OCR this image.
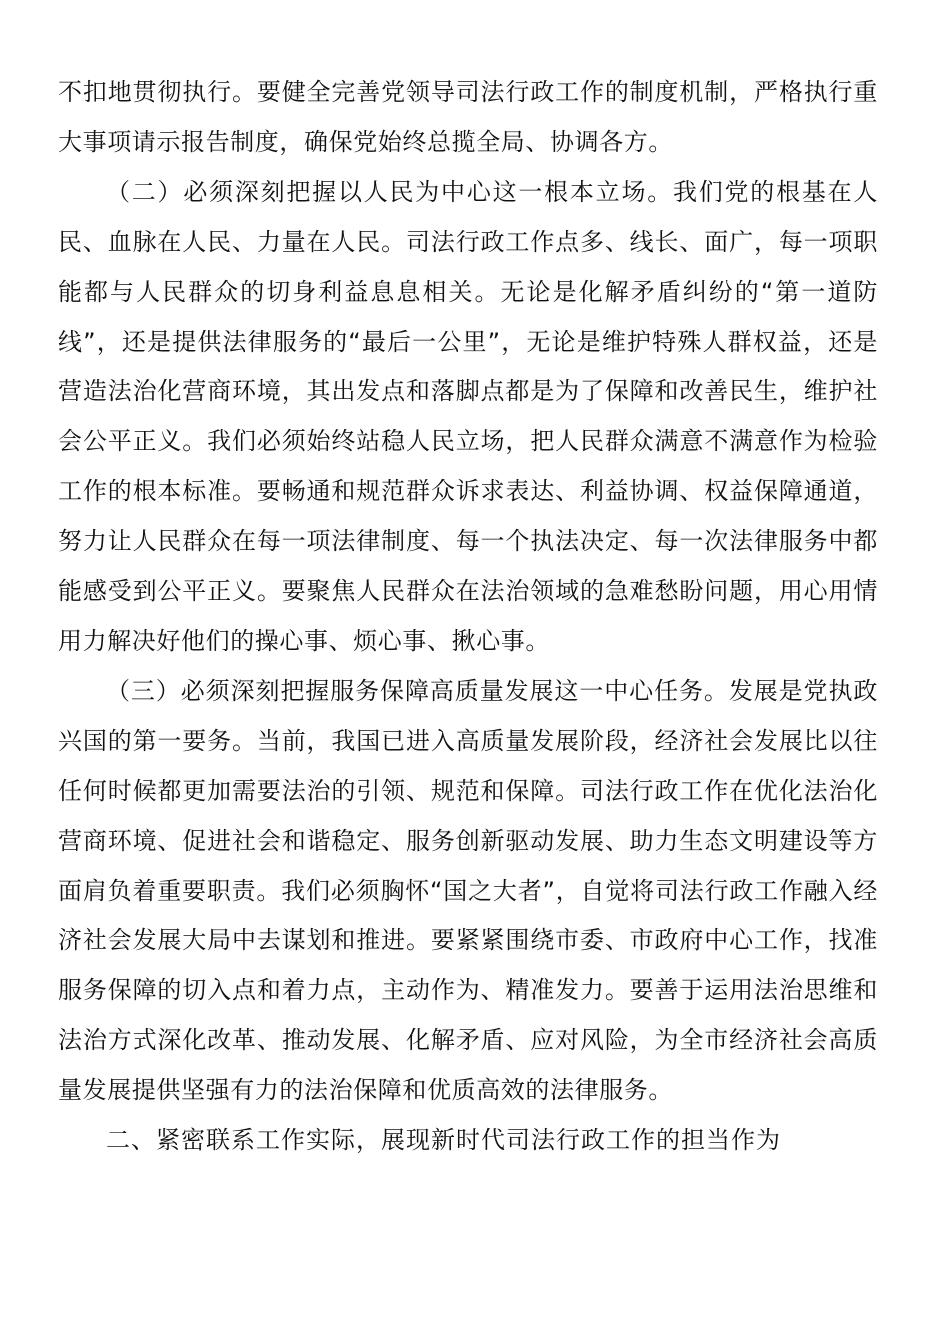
不扣地贯彻执行。要健全完善党领导司法行政工作的制度机制，严格执行重大事项请示报告制度，确保党始终总揽全局、协调各方。

（二）必须深刻把握以人民为中心这一根本立场。我们党的根基在人民、血脉在人民、力量在人民。司法行政工作点多、线长、面广，每一项职能都与人民群众的切身利益息息相关。无论是化解矛盾纠纷的“第一道防线”，还是提供法律服务的“最后一公里”，无论是维护特殊人群权益，还是营造法治化营商环境，其出发点和落脚点都是为了保障和改善民生，维护社会公平正义。我们必须始终站稳人民立场，把人民群众满意不满意作为检验工作的根本标准。要畅通和规范群众诉求表达、利益协调、权益保障通道，努力让人民群众在每一项法律制度、每一个执法决定、每一次法律服务中都能感受到公平正义。要聚焦人民群众在法治领域的急难愁盼问题，用心用情用力解决好他们的操心事、烦心事、揪心事。

（三）必须深刻把握服务保障高质量发展这一中心任务。发展是党执政兴国的第一要务。当前，我国已进入高质量发展阶段，经济社会发展比以往任何时候都更加需要法治的引领、规范和保障。司法行政工作在优化法治化营商环境、促进社会和谐稳定、服务创新驱动发展、助力生态文明建设等方面肩负着重要职责。我们必须胸怀“国之大者”，自觉将司法行政工作融入经济社会发展大局中去谋划和推进。要紧紧围绕市委、市政府中心工作，找准服务保障的切入点和着力点，主动作为、精准发力。要善于运用法治思维和法治方式深化改革、推动发展、化解矛盾、应对风险，为全市经济社会高质量发展提供坚强有力的法治保障和优质高效的法律服务。

二、紧密联系工作实际，展现新时代司法行政工作的担当作为
